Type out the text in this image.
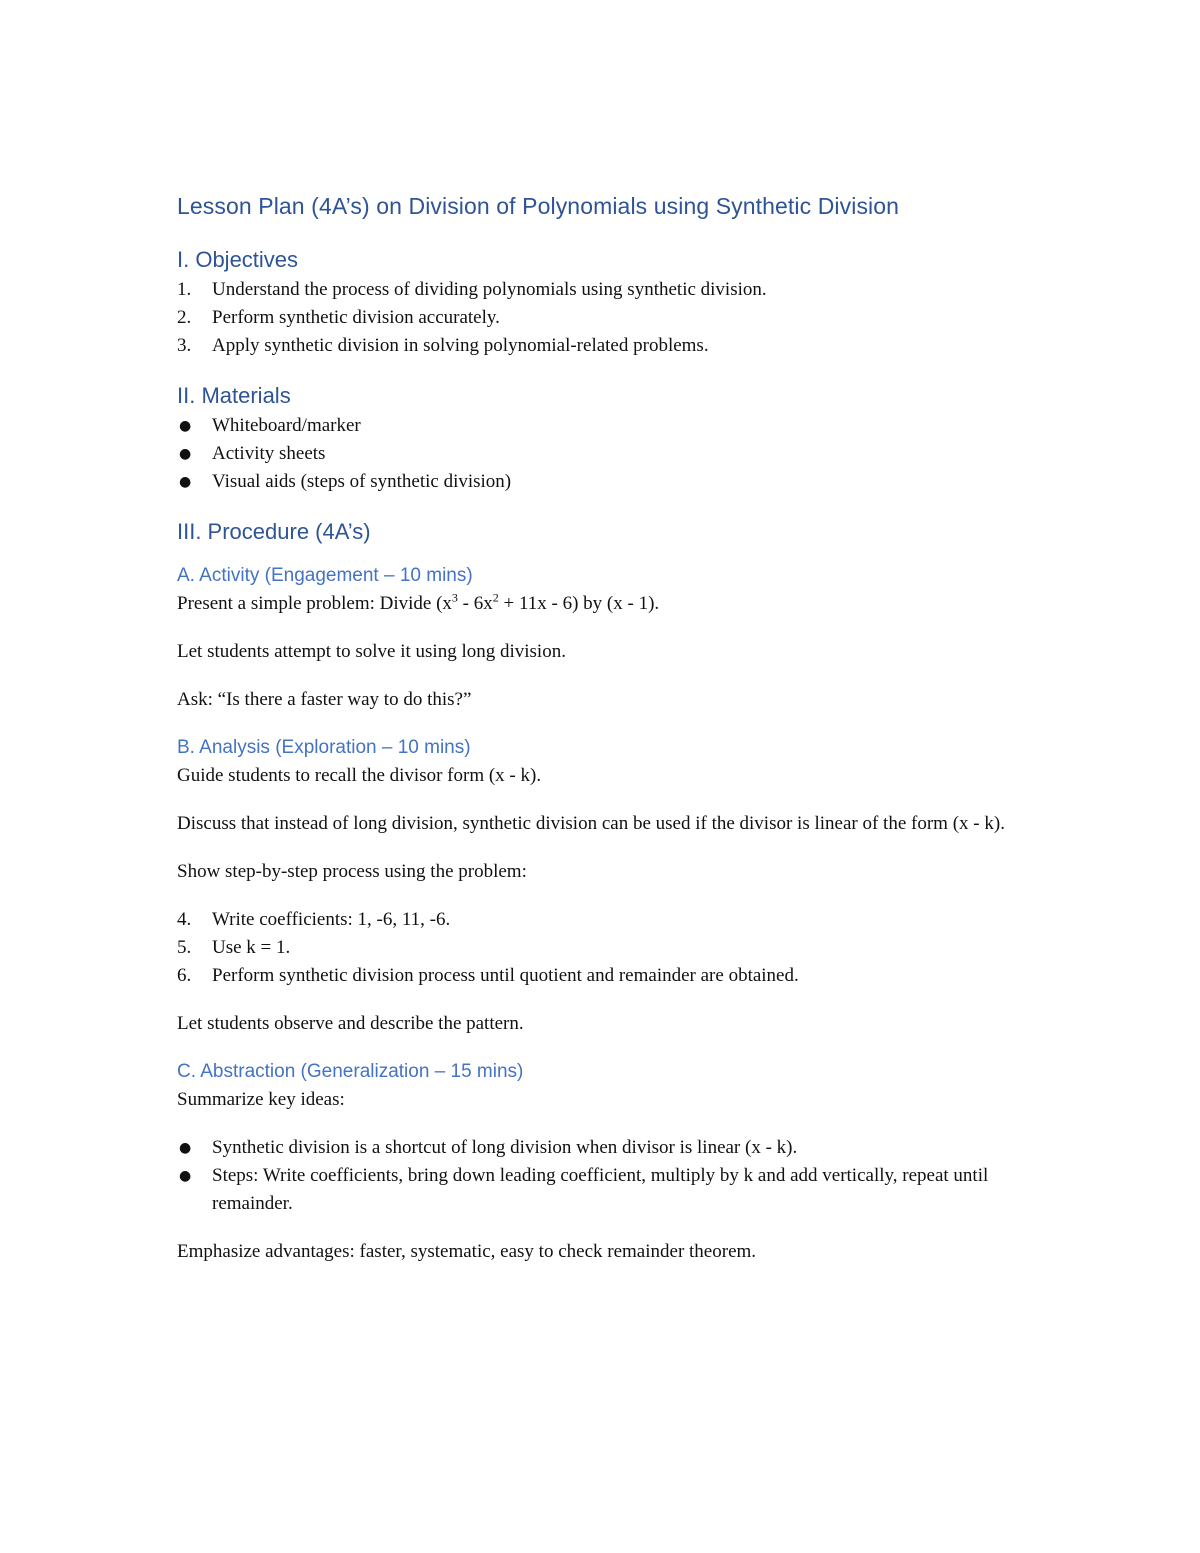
Lesson Plan (4A’s) on Division of Polynomials using Synthetic Division
I. Objectives
1.	Understand the process of dividing polynomials using synthetic division.
2.	Perform synthetic division accurately.
3.	Apply synthetic division in solving polynomial-related problems.
II. Materials
●	Whiteboard/marker
●	Activity sheets
●	Visual aids (steps of synthetic division)
III. Procedure (4A’s)
A. Activity (Engagement – 10 mins)

Present a simple problem: Divide $(x^3 - 6x^2 + 11x - 6)$ by (x - 1).

Let students attempt to solve it using long division.

Ask: “Is there a faster way to do this?”

B. Analysis (Exploration – 10 mins)

Guide students to recall the divisor form (x - k).

Discuss that instead of long division, synthetic division can be used if the divisor is linear of the form (x - k).

Show step-by-step process using the problem:

4.	Write coefficients: 1, -6, 11, -6.
5.	Use k = 1.
6.	Perform synthetic division process until quotient and remainder are obtained.

Let students observe and describe the pattern.

C. Abstraction (Generalization – 15 mins)

Summarize key ideas:

●	Synthetic division is a shortcut of long division when divisor is linear (x - k).
●	Steps: Write coefficients, bring down leading coefficient, multiply by k and add vertically, repeat until remainder.

Emphasize advantages: faster, systematic, easy to check remainder theorem.
